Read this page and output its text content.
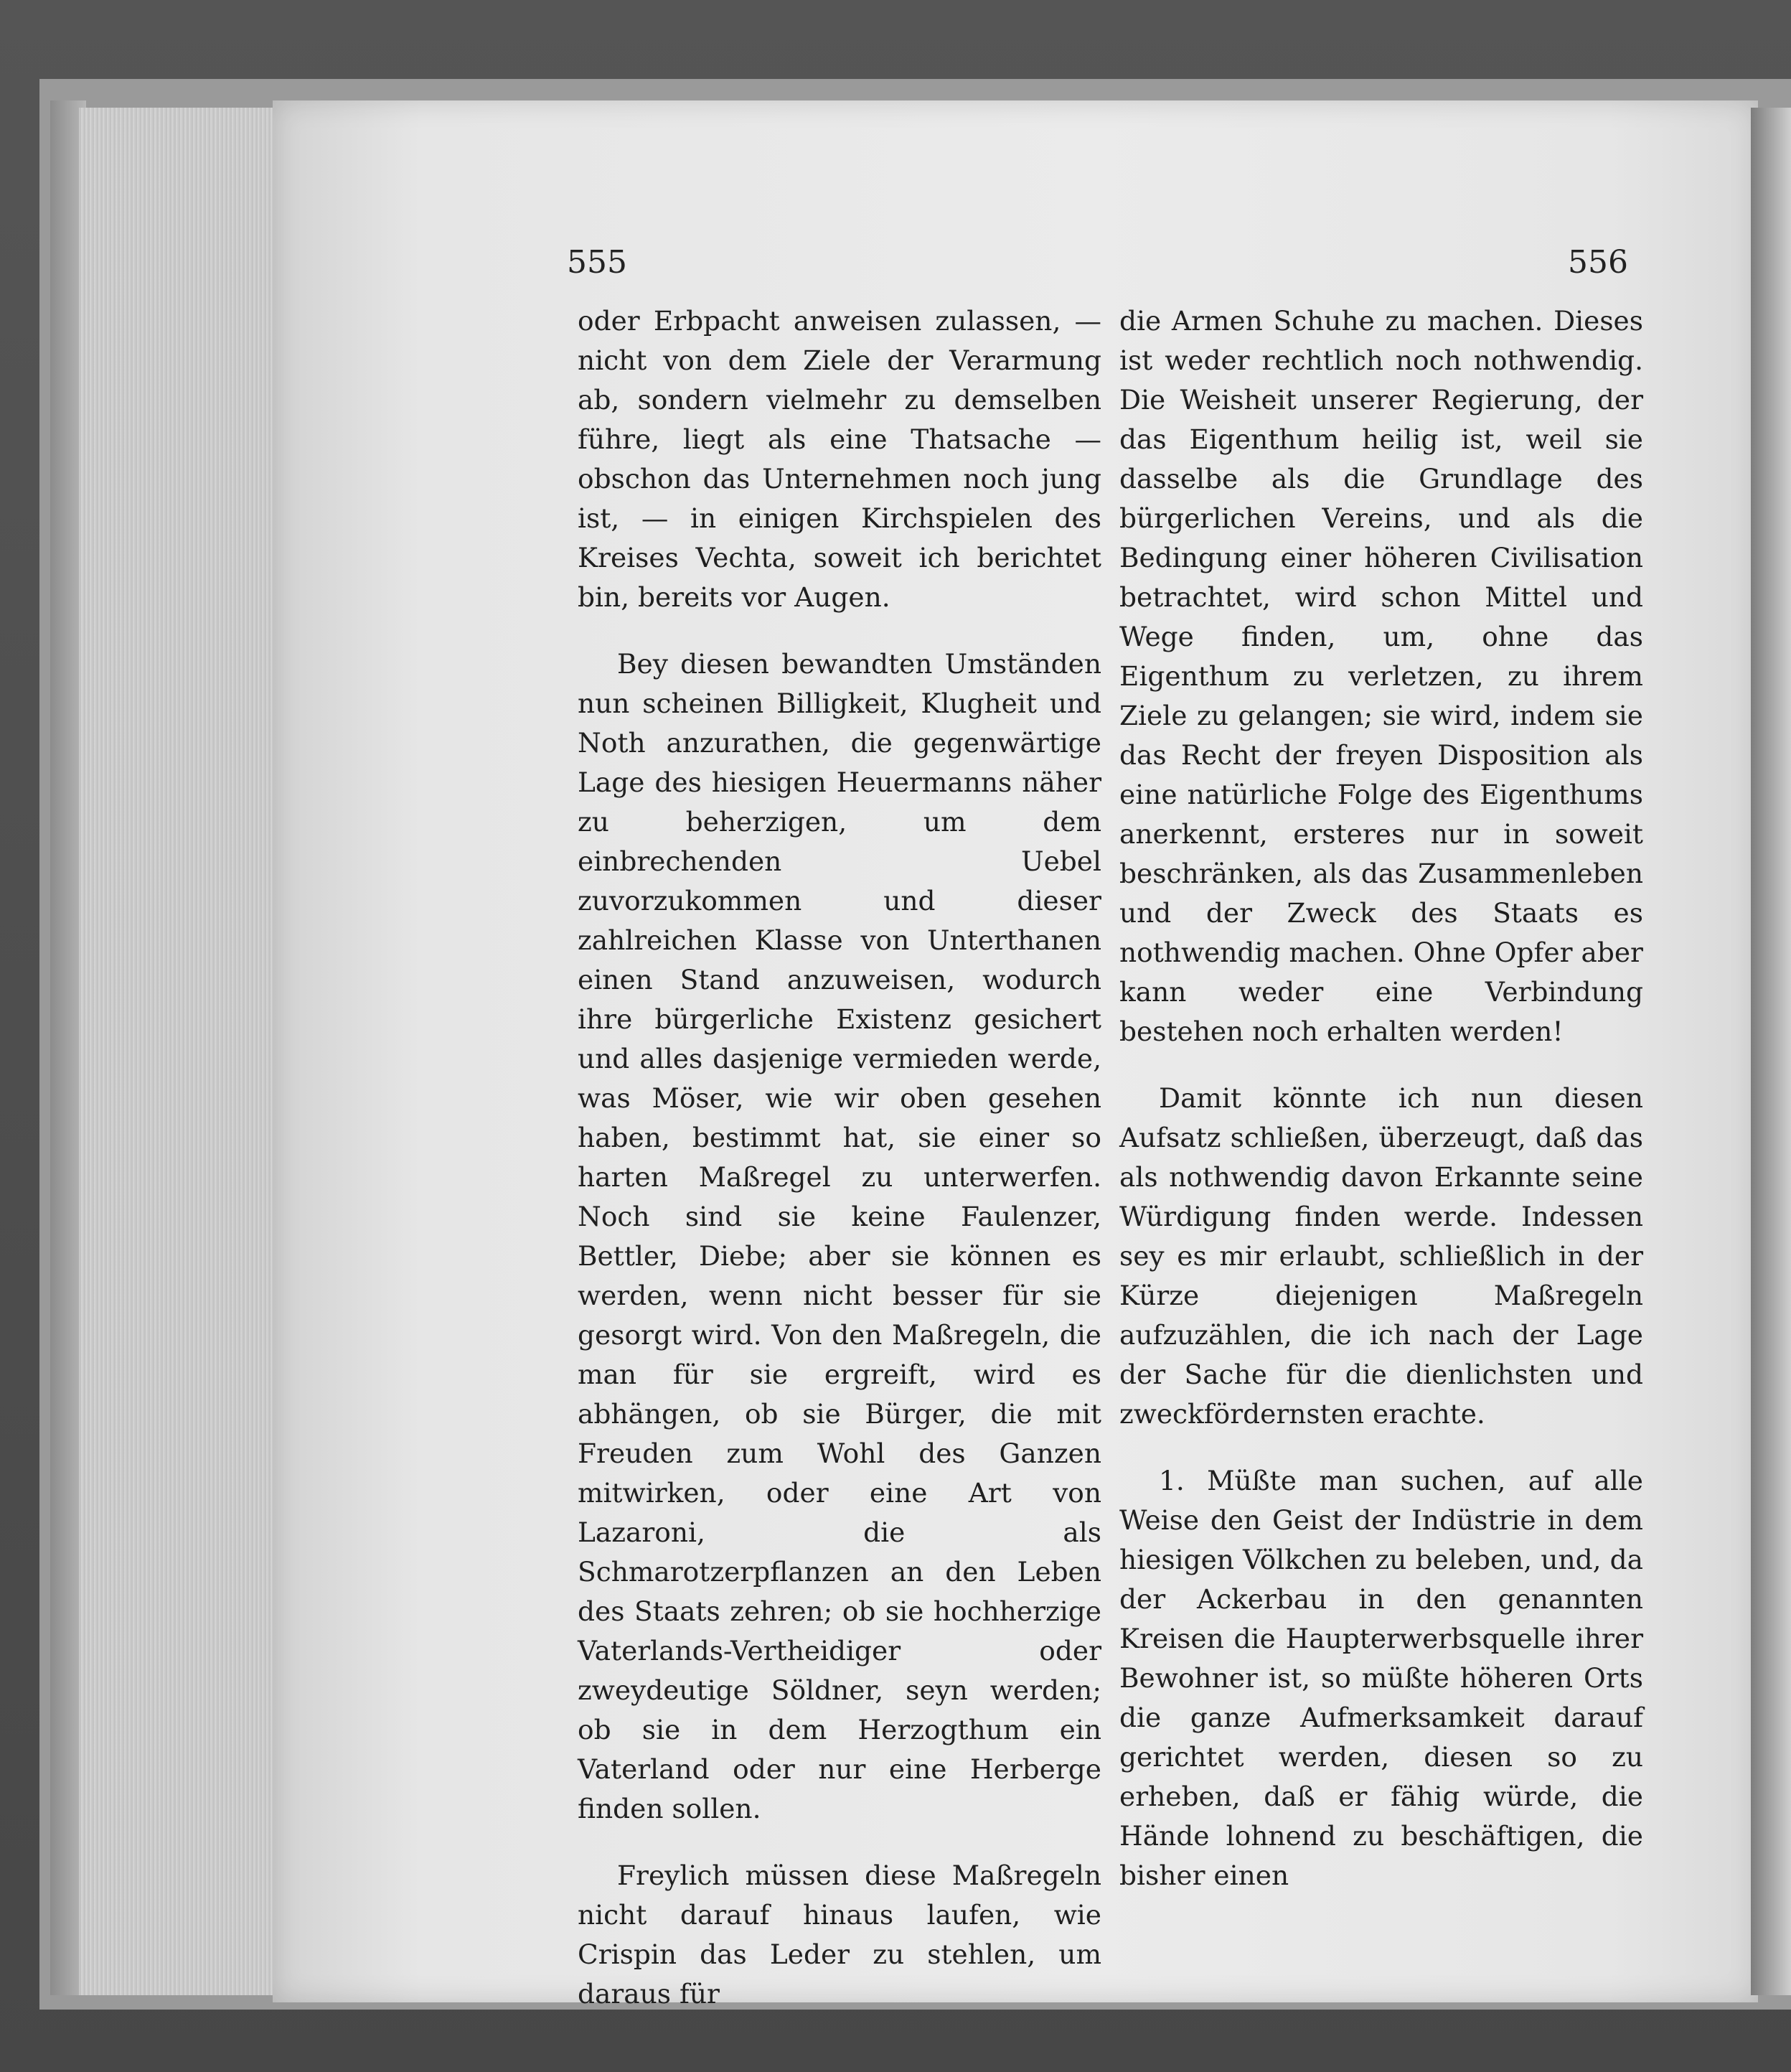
555	556

oder Erbpacht anweisen zulassen, — nicht von dem Ziele der Verarmung ab, sondern vielmehr zu demselben führe, liegt als eine Thatsache — obschon das Unternehmen noch jung ist, — in einigen Kirchspielen des Kreises Vechta, soweit ich berichtet bin, bereits vor Augen.

Bey diesen bewandten Umständen nun scheinen Billigkeit, Klugheit und Noth anzurathen, die gegenwärtige Lage des hiesigen Heuermanns näher zu beherzigen, um dem einbrechenden Uebel zuvorzukommen und dieser zahlreichen Klasse von Unterthanen einen Stand anzuweisen, wodurch ihre bürgerliche Existenz gesichert und alles dasjenige vermieden werde, was Möser, wie wir oben gesehen haben, bestimmt hat, sie einer so harten Maßregel zu unterwerfen. Noch sind sie keine Faulenzer, Bettler, Diebe; aber sie können es werden, wenn nicht besser für sie gesorgt wird. Von den Maßregeln, die man für sie ergreift, wird es abhängen, ob sie Bürger, die mit Freuden zum Wohl des Ganzen mitwirken, oder eine Art von Lazaroni, die als Schmarotzerpflanzen an den Leben des Staats zehren; ob sie hochherzige Vaterlands-Vertheidiger oder zweydeutige Söldner, seyn werden; ob sie in dem Herzogthum ein Vaterland oder nur eine Herberge finden sollen.

Freylich müssen diese Maßregeln nicht darauf hinaus laufen, wie Crispin das Leder zu stehlen, um daraus für

die Armen Schuhe zu machen. Dieses ist weder rechtlich noch nothwendig. Die Weisheit unserer Regierung, der das Eigenthum heilig ist, weil sie dasselbe als die Grundlage des bürgerlichen Vereins, und als die Bedingung einer höheren Civilisation betrachtet, wird schon Mittel und Wege finden, um, ohne das Eigenthum zu verletzen, zu ihrem Ziele zu gelangen; sie wird, indem sie das Recht der freyen Disposition als eine natürliche Folge des Eigenthums anerkennt, ersteres nur in soweit beschränken, als das Zusammenleben und der Zweck des Staats es nothwendig machen. Ohne Opfer aber kann weder eine Verbindung bestehen noch erhalten werden!

Damit könnte ich nun diesen Aufsatz schließen, überzeugt, daß das als nothwendig davon Erkannte seine Würdigung finden werde. Indessen sey es mir erlaubt, schließlich in der Kürze diejenigen Maßregeln aufzuzählen, die ich nach der Lage der Sache für die dienlichsten und zweckfördernsten erachte.

1. Müßte man suchen, auf alle Weise den Geist der Indüstrie in dem hiesigen Völkchen zu beleben, und, da der Ackerbau in den genannten Kreisen die Haupterwerbsquelle ihrer Bewohner ist, so müßte höheren Orts die ganze Aufmerksamkeit darauf gerichtet werden, diesen so zu erheben, daß er fähig würde, die Hände lohnend zu beschäftigen, die bisher einen
